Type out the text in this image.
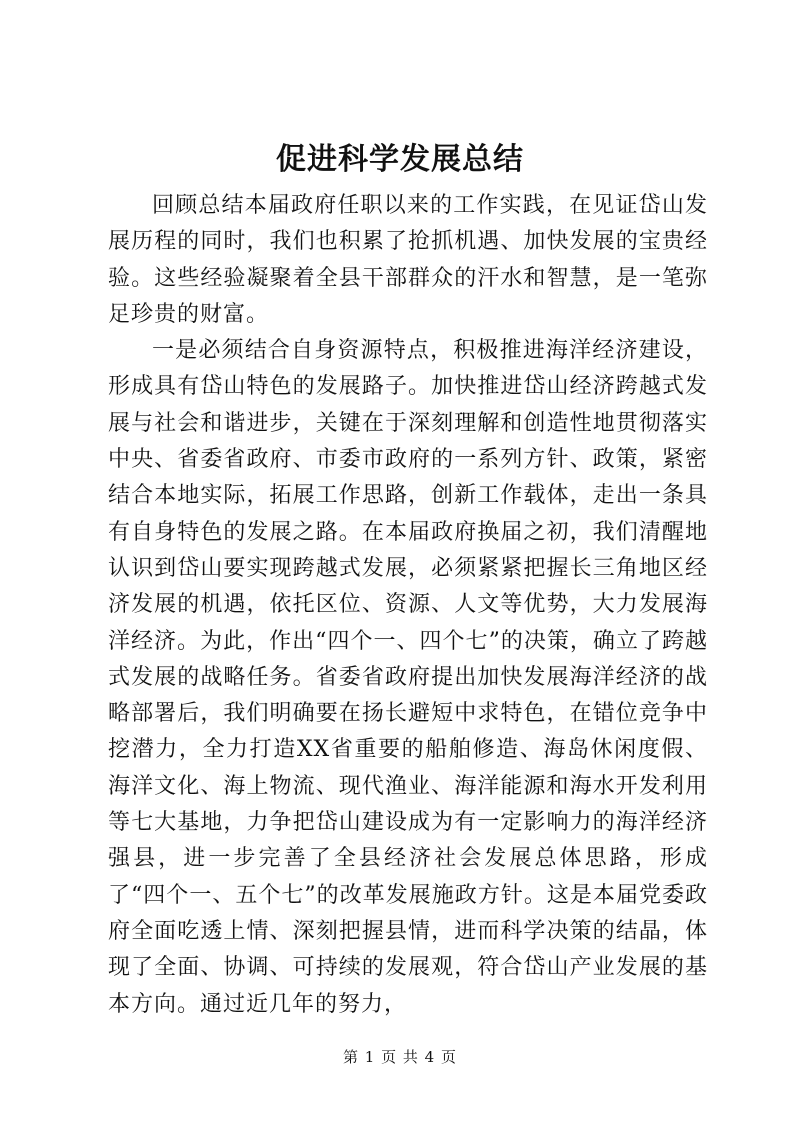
促进科学发展总结

回顾总结本届政府任职以来的工作实践，在见证岱山发展历程的同时，我们也积累了抢抓机遇、加快发展的宝贵经验。这些经验凝聚着全县干部群众的汗水和智慧，是一笔弥足珍贵的财富。

一是必须结合自身资源特点，积极推进海洋经济建设，形成具有岱山特色的发展路子。加快推进岱山经济跨越式发展与社会和谐进步，关键在于深刻理解和创造性地贯彻落实中央、省委省政府、市委市政府的一系列方针、政策，紧密结合本地实际，拓展工作思路，创新工作载体，走出一条具有自身特色的发展之路。在本届政府换届之初，我们清醒地认识到岱山要实现跨越式发展，必须紧紧把握长三角地区经济发展的机遇，依托区位、资源、人文等优势，大力发展海洋经济。为此，作出“四个一、四个七”的决策，确立了跨越式发展的战略任务。省委省政府提出加快发展海洋经济的战略部署后，我们明确要在扬长避短中求特色，在错位竞争中挖潜力，全力打造XX省重要的船舶修造、海岛休闲度假、海洋文化、海上物流、现代渔业、海洋能源和海水开发利用等七大基地，力争把岱山建设成为有一定影响力的海洋经济强县，进一步完善了全县经济社会发展总体思路，形成了“四个一、五个七”的改革发展施政方针。这是本届党委政府全面吃透上情、深刻把握县情，进而科学决策的结晶，体现了全面、协调、可持续的发展观，符合岱山产业发展的基本方向。通过近几年的努力，

第 1 页 共 4 页
